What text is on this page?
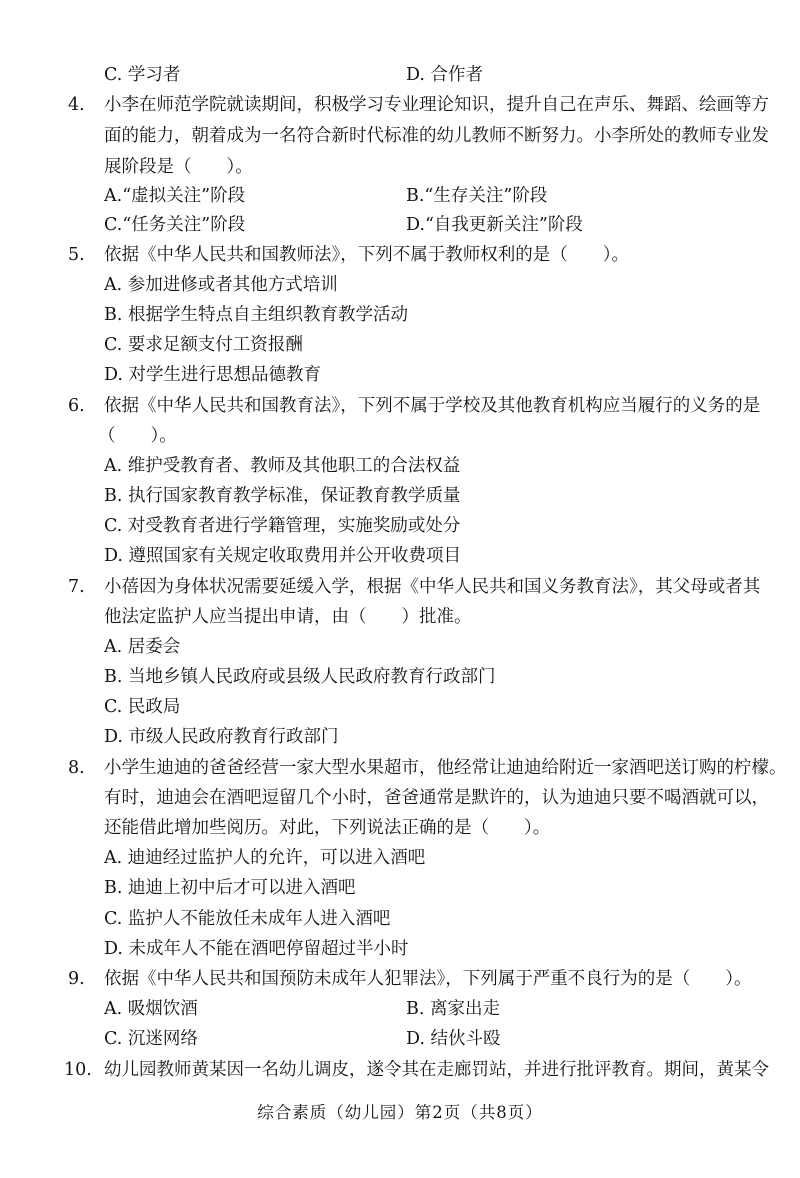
C. 学习者	D. 合作者
4.	小李在师范学院就读期间，积极学习专业理论知识，提升自己在声乐、舞蹈、绘画等方
面的能力，朝着成为一名符合新时代标准的幼儿教师不断努力。小李所处的教师专业发
展阶段是（　　）。
A.“虚拟关注”阶段	B.“生存关注”阶段
C.“任务关注”阶段	D.“自我更新关注”阶段
5.	依据《中华人民共和国教师法》，下列不属于教师权利的是（　　）。
A. 参加进修或者其他方式培训
B. 根据学生特点自主组织教育教学活动
C. 要求足额支付工资报酬
D. 对学生进行思想品德教育
6.	依据《中华人民共和国教育法》，下列不属于学校及其他教育机构应当履行的义务的是
（　　）。
A. 维护受教育者、教师及其他职工的合法权益
B. 执行国家教育教学标准，保证教育教学质量
C. 对受教育者进行学籍管理，实施奖励或处分
D. 遵照国家有关规定收取费用并公开收费项目
7.	小蓓因为身体状况需要延缓入学，根据《中华人民共和国义务教育法》，其父母或者其
他法定监护人应当提出申请，由（　　）批准。
A. 居委会
B. 当地乡镇人民政府或县级人民政府教育行政部门
C. 民政局
D. 市级人民政府教育行政部门
8.	小学生迪迪的爸爸经营一家大型水果超市，他经常让迪迪给附近一家酒吧送订购的柠檬。
有时，迪迪会在酒吧逗留几个小时，爸爸通常是默许的，认为迪迪只要不喝酒就可以，
还能借此增加些阅历。对此，下列说法正确的是（　　）。
A. 迪迪经过监护人的允许，可以进入酒吧
B. 迪迪上初中后才可以进入酒吧
C. 监护人不能放任未成年人进入酒吧
D. 未成年人不能在酒吧停留超过半小时
9.	依据《中华人民共和国预防未成年人犯罪法》，下列属于严重不良行为的是（　　）。
A. 吸烟饮酒	B. 离家出走
C. 沉迷网络	D. 结伙斗殴
10. 幼儿园教师黄某因一名幼儿调皮，遂令其在走廊罚站，并进行批评教育。期间，黄某令
综合素质（幼儿园）第2页（共8页）
